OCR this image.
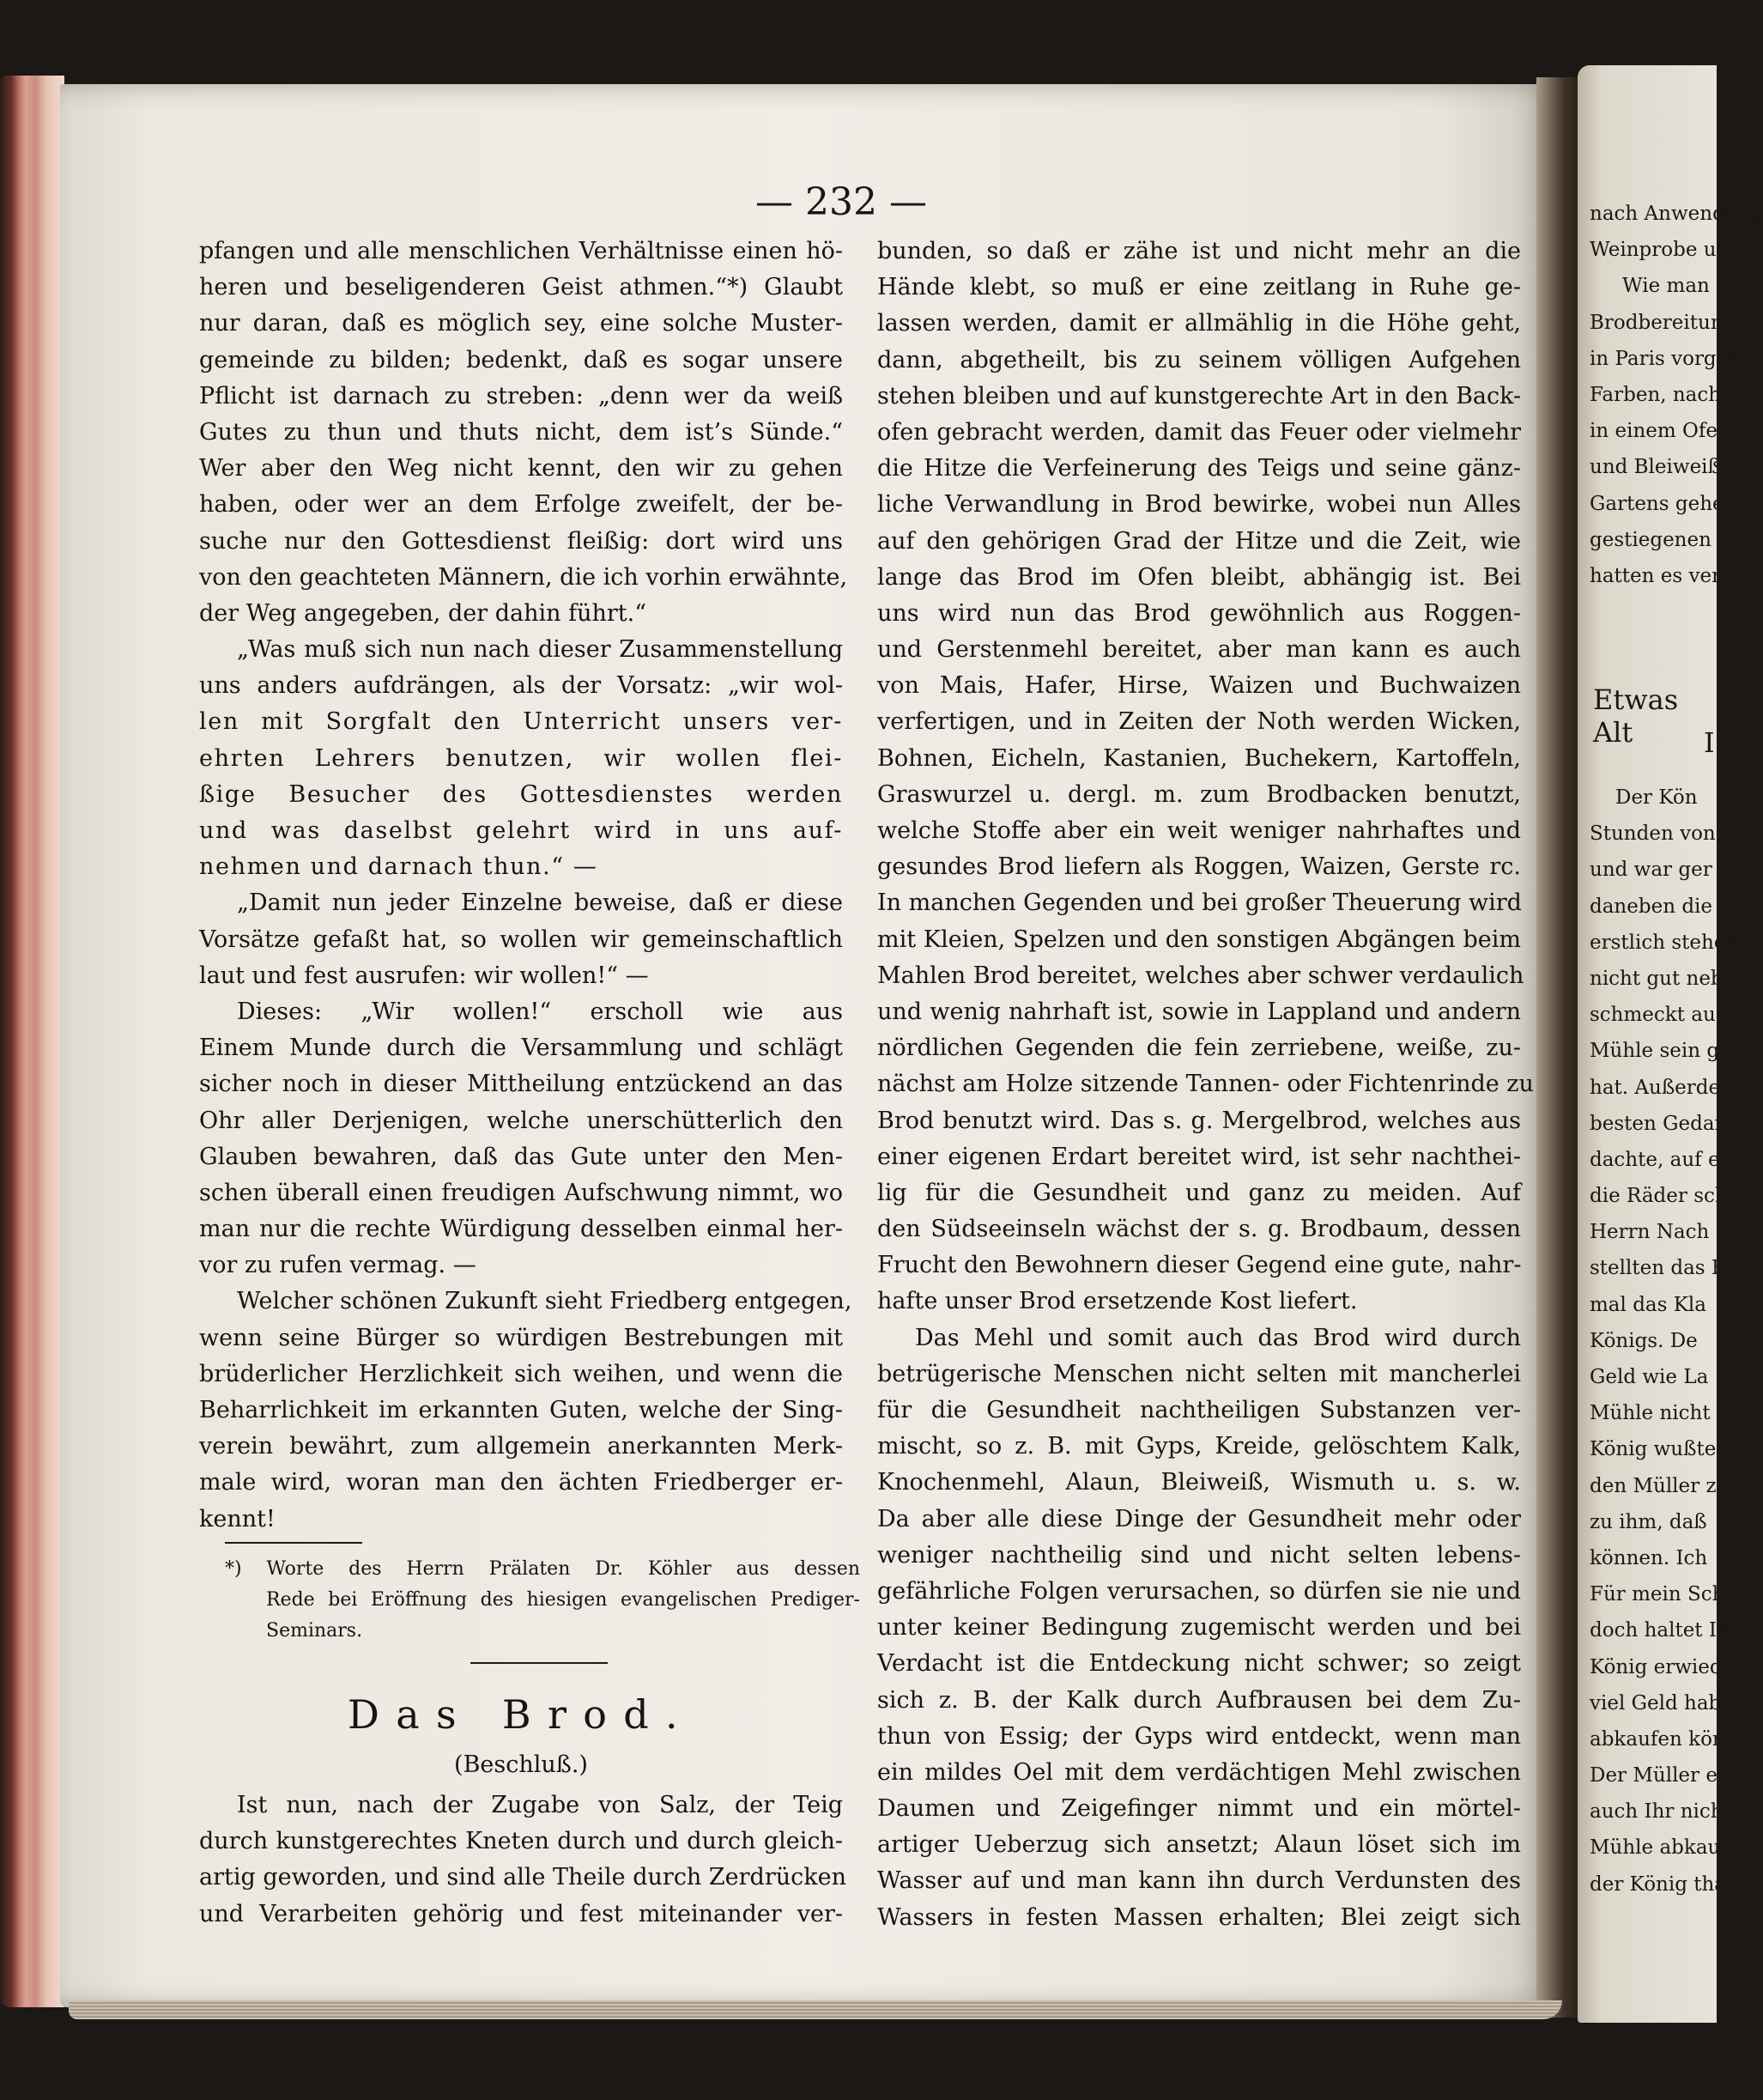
— 232 —
pfangen und alle menschlichen Verhältnisse einen hö-
heren und beseligenderen Geist athmen.“*) Glaubt
nur daran, daß es möglich sey, eine solche Muster-
gemeinde zu bilden; bedenkt, daß es sogar unsere
Pflicht ist darnach zu streben: „denn wer da weiß
Gutes zu thun und thuts nicht, dem ist’s Sünde.“
Wer aber den Weg nicht kennt, den wir zu gehen
haben, oder wer an dem Erfolge zweifelt, der be-
suche nur den Gottesdienst fleißig: dort wird uns
von den geachteten Männern, die ich vorhin erwähnte,
der Weg angegeben, der dahin führt.“
„Was muß sich nun nach dieser Zusammenstellung
uns anders aufdrängen, als der Vorsatz: „wir wol-
len mit Sorgfalt den Unterricht unsers ver-
ehrten Lehrers benutzen, wir wollen flei-
ßige Besucher des Gottesdienstes werden
und was daselbst gelehrt wird in uns auf-
nehmen und darnach thun.“ —
„Damit nun jeder Einzelne beweise, daß er diese
Vorsätze gefaßt hat, so wollen wir gemeinschaftlich
laut und fest ausrufen: wir wollen!“ —
Dieses: „Wir wollen!“ erscholl wie aus
Einem Munde durch die Versammlung und schlägt
sicher noch in dieser Mittheilung entzückend an das
Ohr aller Derjenigen, welche unerschütterlich den
Glauben bewahren, daß das Gute unter den Men-
schen überall einen freudigen Aufschwung nimmt, wo
man nur die rechte Würdigung desselben einmal her-
vor zu rufen vermag. —
Welcher schönen Zukunft sieht Friedberg entgegen,
wenn seine Bürger so würdigen Bestrebungen mit
brüderlicher Herzlichkeit sich weihen, und wenn die
Beharrlichkeit im erkannten Guten, welche der Sing-
verein bewährt, zum allgemein anerkannten Merk-
male wird, woran man den ächten Friedberger er-
kennt!
*) Worte des Herrn Prälaten Dr. Köhler aus dessen
Rede bei Eröffnung des hiesigen evangelischen Prediger-
Seminars.
Das Brod.
(Beschluß.)
Ist nun, nach der Zugabe von Salz, der Teig
durch kunstgerechtes Kneten durch und durch gleich-
artig geworden, und sind alle Theile durch Zerdrücken
und Verarbeiten gehörig und fest miteinander ver-
bunden, so daß er zähe ist und nicht mehr an die
Hände klebt, so muß er eine zeitlang in Ruhe ge-
lassen werden, damit er allmählig in die Höhe geht,
dann, abgetheilt, bis zu seinem völligen Aufgehen
stehen bleiben und auf kunstgerechte Art in den Back-
ofen gebracht werden, damit das Feuer oder vielmehr
die Hitze die Verfeinerung des Teigs und seine gänz-
liche Verwandlung in Brod bewirke, wobei nun Alles
auf den gehörigen Grad der Hitze und die Zeit, wie
lange das Brod im Ofen bleibt, abhängig ist. Bei
uns wird nun das Brod gewöhnlich aus Roggen-
und Gerstenmehl bereitet, aber man kann es auch
von Mais, Hafer, Hirse, Waizen und Buchwaizen
verfertigen, und in Zeiten der Noth werden Wicken,
Bohnen, Eicheln, Kastanien, Buchekern, Kartoffeln,
Graswurzel u. dergl. m. zum Brodbacken benutzt,
welche Stoffe aber ein weit weniger nahrhaftes und
gesundes Brod liefern als Roggen, Waizen, Gerste rc.
In manchen Gegenden und bei großer Theuerung wird
mit Kleien, Spelzen und den sonstigen Abgängen beim
Mahlen Brod bereitet, welches aber schwer verdaulich
und wenig nahrhaft ist, sowie in Lappland und andern
nördlichen Gegenden die fein zerriebene, weiße, zu-
nächst am Holze sitzende Tannen- oder Fichtenrinde zu
Brod benutzt wird. Das s. g. Mergelbrod, welches aus
einer eigenen Erdart bereitet wird, ist sehr nachthei-
lig für die Gesundheit und ganz zu meiden. Auf
den Südseeinseln wächst der s. g. Brodbaum, dessen
Frucht den Bewohnern dieser Gegend eine gute, nahr-
hafte unser Brod ersetzende Kost liefert.
Das Mehl und somit auch das Brod wird durch
betrügerische Menschen nicht selten mit mancherlei
für die Gesundheit nachtheiligen Substanzen ver-
mischt, so z. B. mit Gyps, Kreide, gelöschtem Kalk,
Knochenmehl, Alaun, Bleiweiß, Wismuth u. s. w.
Da aber alle diese Dinge der Gesundheit mehr oder
weniger nachtheilig sind und nicht selten lebens-
gefährliche Folgen verursachen, so dürfen sie nie und
unter keiner Bedingung zugemischt werden und bei
Verdacht ist die Entdeckung nicht schwer; so zeigt
sich z. B. der Kalk durch Aufbrausen bei dem Zu-
thun von Essig; der Gyps wird entdeckt, wenn man
ein mildes Oel mit dem verdächtigen Mehl zwischen
Daumen und Zeigefinger nimmt und ein mörtel-
artiger Ueberzug sich ansetzt; Alaun löset sich im
Wasser auf und man kann ihn durch Verdunsten des
Wassers in festen Massen erhalten; Blei zeigt sich
nach Anwendung
Weinprobe u. s.
Wie man ih
Brodbereitung s
in Paris vorgek
Farben, nachde
in einem Ofe
und Bleiweiß
Gartens gehei
gestiegenen B
hatten es verg
Etwas Alt	I
Der Kön
Stunden von
und war ger
daneben die
erstlich stehen
nicht gut neb
schmeckt auch i
Mühle sein ge
hat. Außerde
besten Gedan
dachte, auf ei
die Räder schi
Herrn Nach
stellten das R
mal das Kla
Königs. De
Geld wie La
Mühle nicht e
König wußte,
den Müller zu
zu ihm, daß
können. Ich
Für mein Sch
doch haltet Ih
König erwiede
viel Geld habt
abkaufen könn
Der Müller er
auch Ihr nicht
Mühle abkaufe
der König that
